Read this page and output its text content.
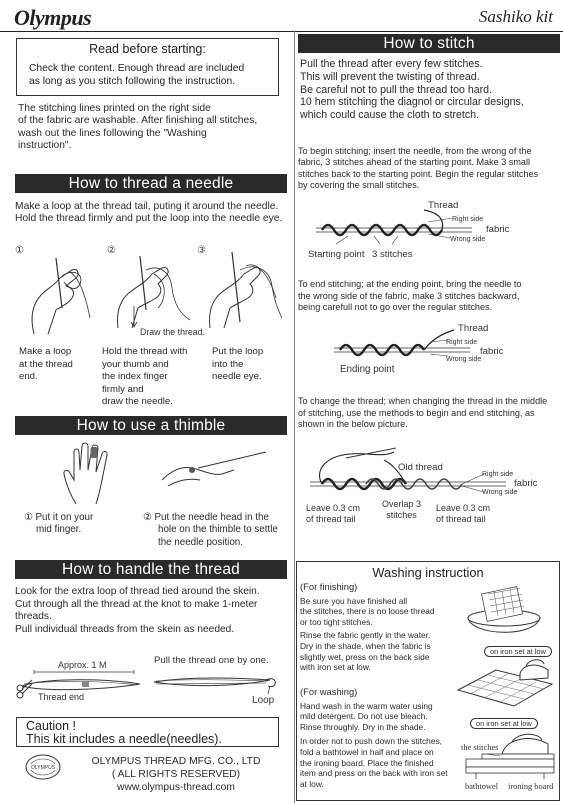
Olympus	Sashiko kit
Read before starting:
Check the content. Enough thread are included
as long as you stitch following the instruction.
The stitching lines printed on the right side
of the fabric are washable. After finishing all stitches,
wash out the lines following the "Washing
instruction".
How to thread a needle
Make a loop at the thread tail, puting it around the needle.
Hold the thread firmly and put the loop into the needle eye.
①	②	③
Draw the thread.
Make a loop
at the thread
end.
Hold the thread with
your thumb and
the index finger
firmly and
draw the needle.
Put the loop
into the
needle eye.
How to use a thimble
① Put it on your
mid finger.
② Put the needle head in the
hole on the thimble to settle
the needle position.
How to handle the thread
Look for the extra loop of thread tied around the skein.
Cut through all the thread at the knot to make 1-meter
threads.
Pull individual threads from the skein as needed.
Approx. 1 M
Thread end
Pull the thread one by one.
Loop
Caution !
This kit includes a needle(needles).
OLYMPUS
OLYMPUS THREAD MFG. CO., LTD
( ALL RIGHTS RESERVED)
www.olympus-thread.com
How to stitch
Pull the thread after every few stitches.
This will prevent the twisting of thread.
Be careful not to pull the thread too hard.
10 hem stitching the diagnol or circular designs,
which could cause the cloth to stretch.
To begin stitching; insert the needle, from the wrong of the
fabric, 3 stitches ahead of the starting point. Make 3 small
stitches back to the starting point. Begin the regular stitches
by covering the small stitches.
Thread
Right side
fabric
Wrong side
Starting point 3 stitches
To end stitching; at the ending point, bring the needle to
the wrong side of the fabric, make 3 stitches backward,
being carefull not to go over the regular stitches.
Thread
Right side
fabric
Wrong side
Ending point
To change the thread; when changing the thread in the middle
of stitching, use the methods to begin and end stitching, as
shown in the below picture.
Old thread
Right side
fabric
Wrong side
Leave 0.3 cm
of thread tail
Overlap 3
stitches
Leave 0.3 cm
of thread tail
Washing instruction
(For finishing)
Be sure you have finished all
the stitches, there is no loose thread
or too tight stitches.
Rinse the fabric gently in the water.
Dry in the shade, when the fabric is
slightly wet, press on the back side
with iron set at low.
(For washing)
Hand wash in the warm water using
mild detergent. Do not use bleach.
Rinse throughly. Dry in the shade.
In order not to push down the stitches,
fold a bathtowel in half and place on
the ironing board. Place the finished
item and press on the back with iron set
at low.
on iron set at low
on iron set at low
the stitches
bathtowel ironing board
